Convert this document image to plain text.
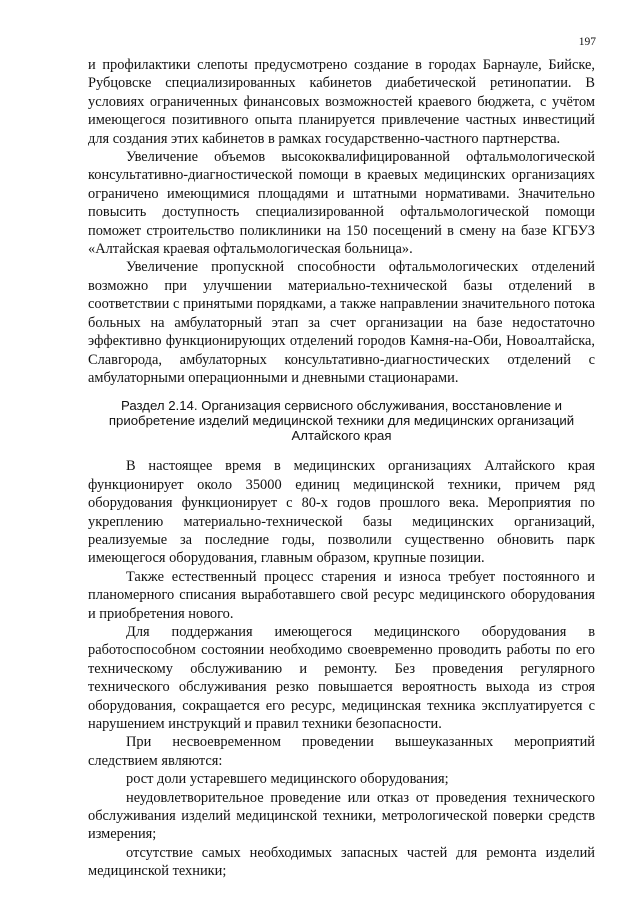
197

и профилактики слепоты предусмотрено создание в городах Барнауле, Бийске, Рубцовске специализированных кабинетов диабетической ретинопатии. В условиях ограниченных финансовых возможностей краевого бюджета, с учётом имеющегося позитивного опыта планируется привлечение частных инвестиций для создания этих кабинетов в рамках государственно-частного партнерства.

Увеличение объемов высококвалифицированной офтальмологической консультативно-диагностической помощи в краевых медицинских организациях ограничено имеющимися площадями и штатными нормативами. Значительно повысить доступность специализированной офтальмологической помощи поможет строительство поликлиники на 150 посещений в смену на базе КГБУЗ «Алтайская краевая офтальмологическая больница».

Увеличение пропускной способности офтальмологических отделений возможно при улучшении материально-технической базы отделений в соответствии с принятыми порядками, а также направлении значительного потока больных на амбулаторный этап за счет организации на базе недостаточно эффективно функционирующих отделений городов Камня-на-Оби, Новоалтайска, Славгорода, амбулаторных консультативно-диагностических отделений с амбулаторными операционными и дневными стационарами.

Раздел 2.14. Организация сервисного обслуживания, восстановление и приобретение изделий медицинской техники для медицинских организаций Алтайского края

В настоящее время в медицинских организациях Алтайского края функционирует около 35000 единиц медицинской техники, причем ряд оборудования функционирует с 80-х годов прошлого века. Мероприятия по укреплению материально-технической базы медицинских организаций, реализуемые за последние годы, позволили существенно обновить парк имеющегося оборудования, главным образом, крупные позиции.

Также естественный процесс старения и износа требует постоянного и планомерного списания выработавшего свой ресурс медицинского оборудования и приобретения нового.

Для поддержания имеющегося медицинского оборудования в работоспособном состоянии необходимо своевременно проводить работы по его техническому обслуживанию и ремонту. Без проведения регулярного технического обслуживания резко повышается вероятность выхода из строя оборудования, сокращается его ресурс, медицинская техника эксплуатируется с нарушением инструкций и правил техники безопасности.

При несвоевременном проведении вышеуказанных мероприятий следствием являются:

рост доли устаревшего медицинского оборудования;

неудовлетворительное проведение или отказ от проведения технического обслуживания изделий медицинской техники, метрологической поверки средств измерения;

отсутствие самых необходимых запасных частей для ремонта изделий медицинской техники;
